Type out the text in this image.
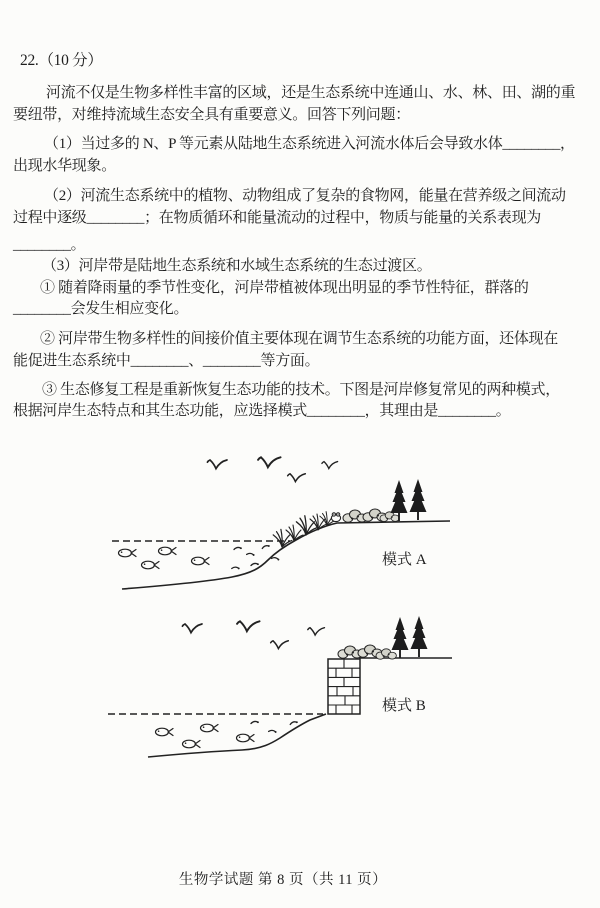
22.（10 分）
河流不仅是生物多样性丰富的区域，还是生态系统中连通山、水、林、田、湖的重
要纽带，对维持流域生态安全具有重要意义。回答下列问题：
（1）当过多的 N、P 等元素从陆地生态系统进入河流水体后会导致水体________，
出现水华现象。
（2）河流生态系统中的植物、动物组成了复杂的食物网，能量在营养级之间流动
过程中逐级________；在物质循环和能量流动的过程中，物质与能量的关系表现为
________。
（3）河岸带是陆地生态系统和水域生态系统的生态过渡区。
① 随着降雨量的季节性变化，河岸带植被体现出明显的季节性特征，群落的
________会发生相应变化。
② 河岸带生物多样性的间接价值主要体现在调节生态系统的功能方面，还体现在
能促进生态系统中________、________等方面。
③ 生态修复工程是重新恢复生态功能的技术。下图是河岸修复常见的两种模式，
根据河岸生态特点和其生态功能，应选择模式________，其理由是________。
模式 A
模式 B
生物学试题 第 8 页（共 11 页）
